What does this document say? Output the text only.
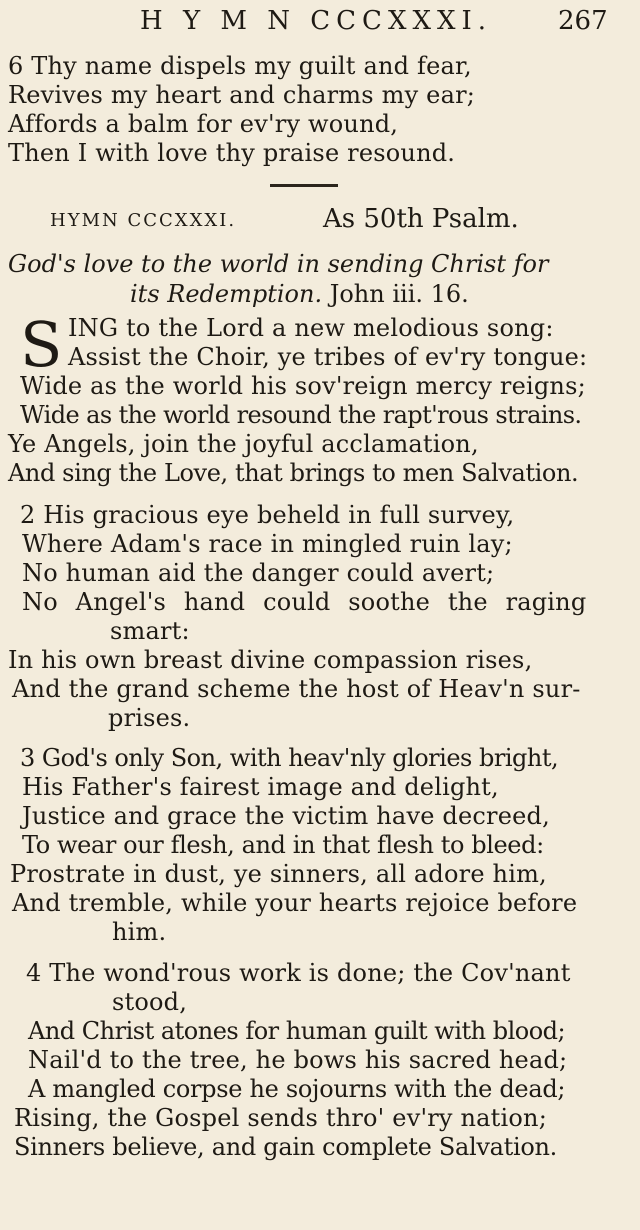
H Y M N CCCXXXI.	267
6 Thy name dispels my guilt and fear,
Revives my heart and charms my ear;
Affords a balm for ev'ry wound,
Then I with love thy praise resound.
HYMN CCCXXXI.	As 50th Psalm.
God's love to the world in sending Christ for
its Redemption. John iii. 16.
S ING to the Lord a new melodious song:
Assist the Choir, ye tribes of ev'ry tongue:
Wide as the world his sov'reign mercy reigns;
Wide as the world resound the rapt'rous strains.
Ye Angels, join the joyful acclamation,
And sing the Love, that brings to men Salvation.
2 His gracious eye beheld in full survey,
Where Adam's race in mingled ruin lay;
No human aid the danger could avert;
No Angel's hand could soothe the raging
smart:
In his own breast divine compassion rises,
And the grand scheme the host of Heav'n sur-
prises.
3 God's only Son, with heav'nly glories bright,
His Father's fairest image and delight,
Justice and grace the victim have decreed,
To wear our flesh, and in that flesh to bleed:
Prostrate in dust, ye sinners, all adore him,
And tremble, while your hearts rejoice before
him.
4 The wond'rous work is done; the Cov'nant
stood,
And Christ atones for human guilt with blood;
Nail'd to the tree, he bows his sacred head;
A mangled corpse he sojourns with the dead;
Rising, the Gospel sends thro' ev'ry nation;
Sinners believe, and gain complete Salvation.
